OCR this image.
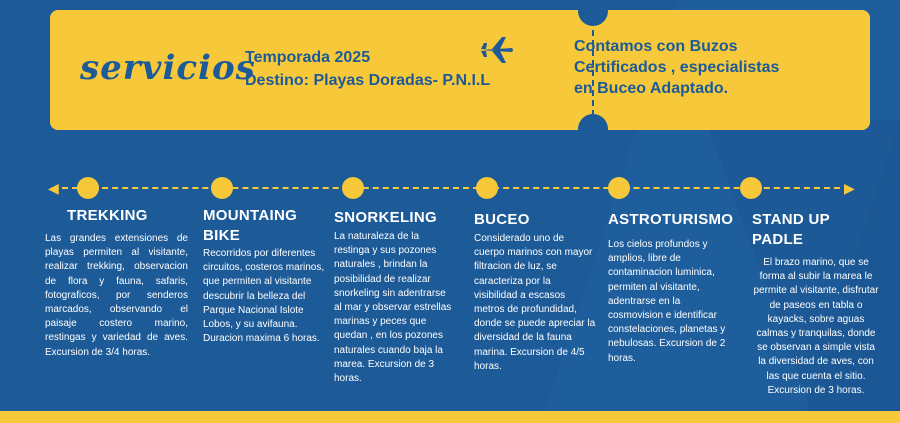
servicios
Temporada 2025
Destino: Playas Doradas- P.N.I.L
Contamos con Buzos
Certificados , especialistas
en Buceo Adaptado.
◀	▶
TREKKING

Las grandes extensiones de playas permiten al visitante, realizar trekking, observacion de flora y fauna, safaris, fotograficos, por senderos marcados, observando el paisaje costero marino, restingas y variedad de aves. Excursion de 3/4 horas.

MOUNTAING BIKE

Recorridos por diferentes circuitos, costeros marinos, que permiten al visitante descubrir la belleza del Parque Nacional Islote Lobos, y su avifauna. Duracion maxima 6 horas.

SNORKELING

La naturaleza de la restinga y sus pozones naturales , brindan la posibilidad de realizar snorkeling sin adentrarse al mar y observar estrellas marinas y peces que quedan , en los pozones naturales cuando baja la marea. Excursion de 3 horas.

BUCEO

Considerado uno de cuerpo marinos con mayor filtracion de luz, se caracteriza por la visibilidad a escasos metros de profundidad, donde se puede apreciar la diversidad de la fauna marina. Excursion de 4/5 horas.

ASTROTURISMO

Los cielos profundos y amplios, libre de contaminacion luminica, permiten al visitante, adentrarse en la cosmovision e identificar constelaciones, planetas y nebulosas. Excursion de 2 horas.

STAND UP PADLE

El brazo marino, que se forma al subir la marea le permite al visitante, disfrutar de paseos en tabla o kayacks, sobre aguas calmas y tranquilas, donde se observan a simple vista la diversidad de aves, con las que cuenta el sitio. Excursion de 3 horas.
